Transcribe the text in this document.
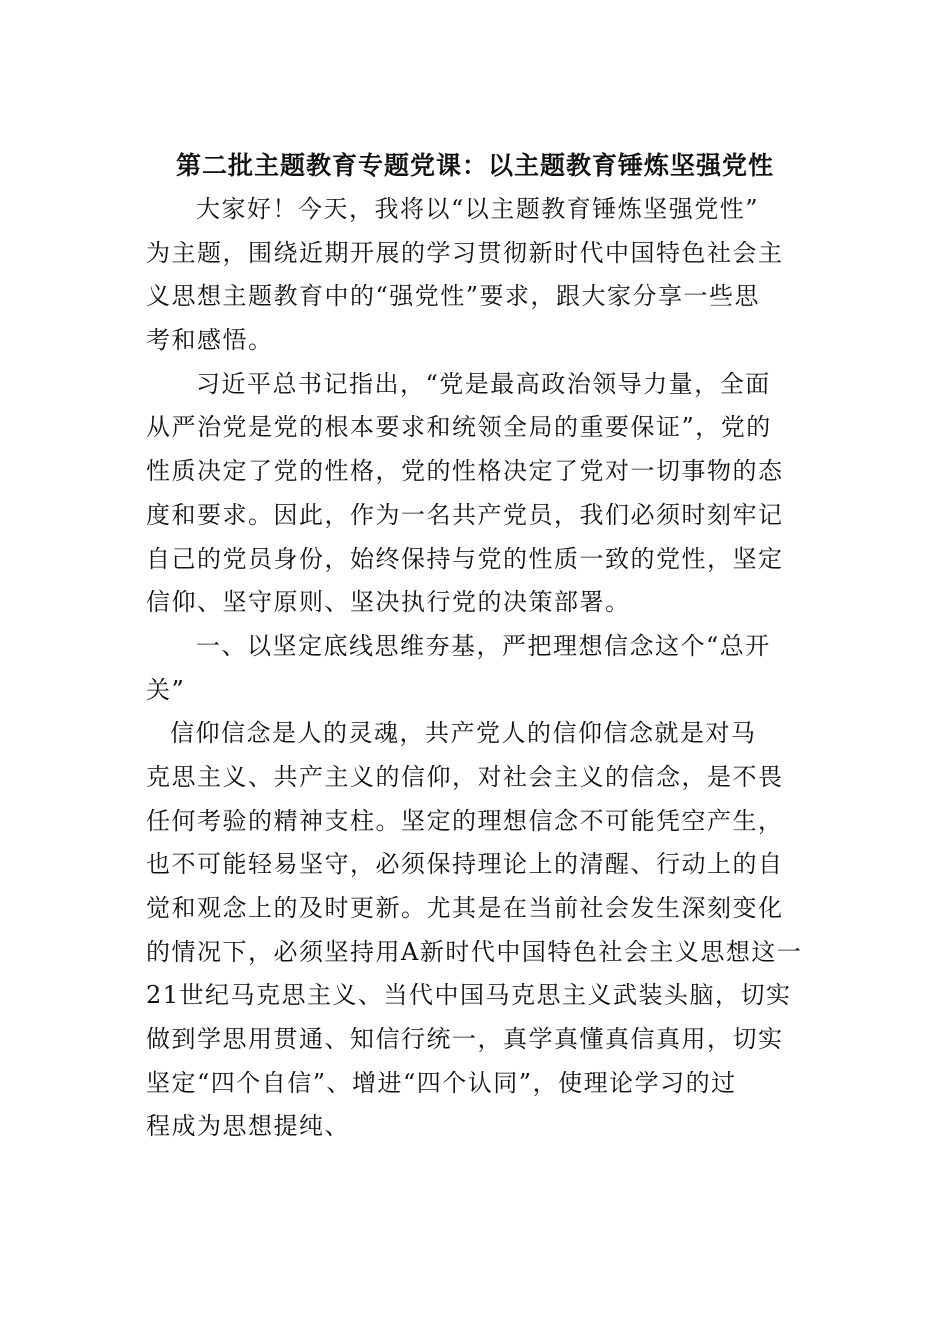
第二批主题教育专题党课：以主题教育锤炼坚强党性
大家好！今天，我将以“以主题教育锤炼坚强党性”
为主题，围绕近期开展的学习贯彻新时代中国特色社会主
义思想主题教育中的“强党性”要求，跟大家分享一些思
考和感悟。
习近平总书记指出，“党是最高政治领导力量，全面
从严治党是党的根本要求和统领全局的重要保证”，党的
性质决定了党的性格，党的性格决定了党对一切事物的态
度和要求。因此，作为一名共产党员，我们必须时刻牢记
自己的党员身份，始终保持与党的性质一致的党性，坚定
信仰、坚守原则、坚决执行党的决策部署。
一、以坚定底线思维夯基，严把理想信念这个“总开
关”
信仰信念是人的灵魂，共产党人的信仰信念就是对马
克思主义、共产主义的信仰，对社会主义的信念，是不畏
任何考验的精神支柱。坚定的理想信念不可能凭空产生，
也不可能轻易坚守，必须保持理论上的清醒、行动上的自
觉和观念上的及时更新。尤其是在当前社会发生深刻变化
的情况下，必须坚持用A新时代中国特色社会主义思想这一
21世纪马克思主义、当代中国马克思主义武装头脑，切实
做到学思用贯通、知信行统一，真学真懂真信真用，切实
坚定“四个自信”、增进“四个认同”，使理论学习的过
程成为思想提纯、
